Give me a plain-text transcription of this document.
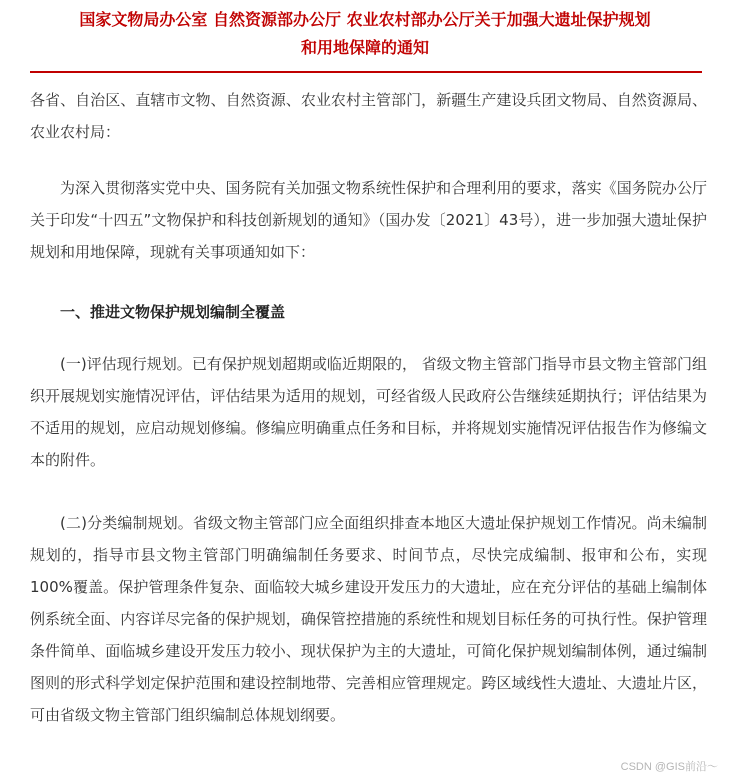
国家文物局办公室 自然资源部办公厅 农业农村部办公厅关于加强大遗址保护规划
和用地保障的通知

各省、自治区、直辖市文物、自然资源、农业农村主管部门，新疆生产建设兵团文物局、自然资源局、农业农村局：

为深入贯彻落实党中央、国务院有关加强文物系统性保护和合理利用的要求，落实《国务院办公厅关于印发“十四五”文物保护和科技创新规划的通知》（国办发〔2021〕43号），进一步加强大遗址保护规划和用地保障，现就有关事项通知如下：

一、推进文物保护规划编制全覆盖

(一)评估现行规划。已有保护规划超期或临近期限的， 省级文物主管部门指导市县文物主管部门组织开展规划实施情况评估，评估结果为适用的规划，可经省级人民政府公告继续延期执行；评估结果为不适用的规划，应启动规划修编。修编应明确重点任务和目标，并将规划实施情况评估报告作为修编文本的附件。

(二)分类编制规划。省级文物主管部门应全面组织排查本地区大遗址保护规划工作情况。尚未编制规划的，指导市县文物主管部门明确编制任务要求、时间节点，尽快完成编制、报审和公布，实现100%覆盖。保护管理条件复杂、面临较大城乡建设开发压力的大遗址，应在充分评估的基础上编制体例系统全面、内容详尽完备的保护规划，确保管控措施的系统性和规划目标任务的可执行性。保护管理条件简单、面临城乡建设开发压力较小、现状保护为主的大遗址，可简化保护规划编制体例，通过编制图则的形式科学划定保护范围和建设控制地带、完善相应管理规定。跨区域线性大遗址、大遗址片区，可由省级文物主管部门组织编制总体规划纲要。

CSDN @GIS前沿～
